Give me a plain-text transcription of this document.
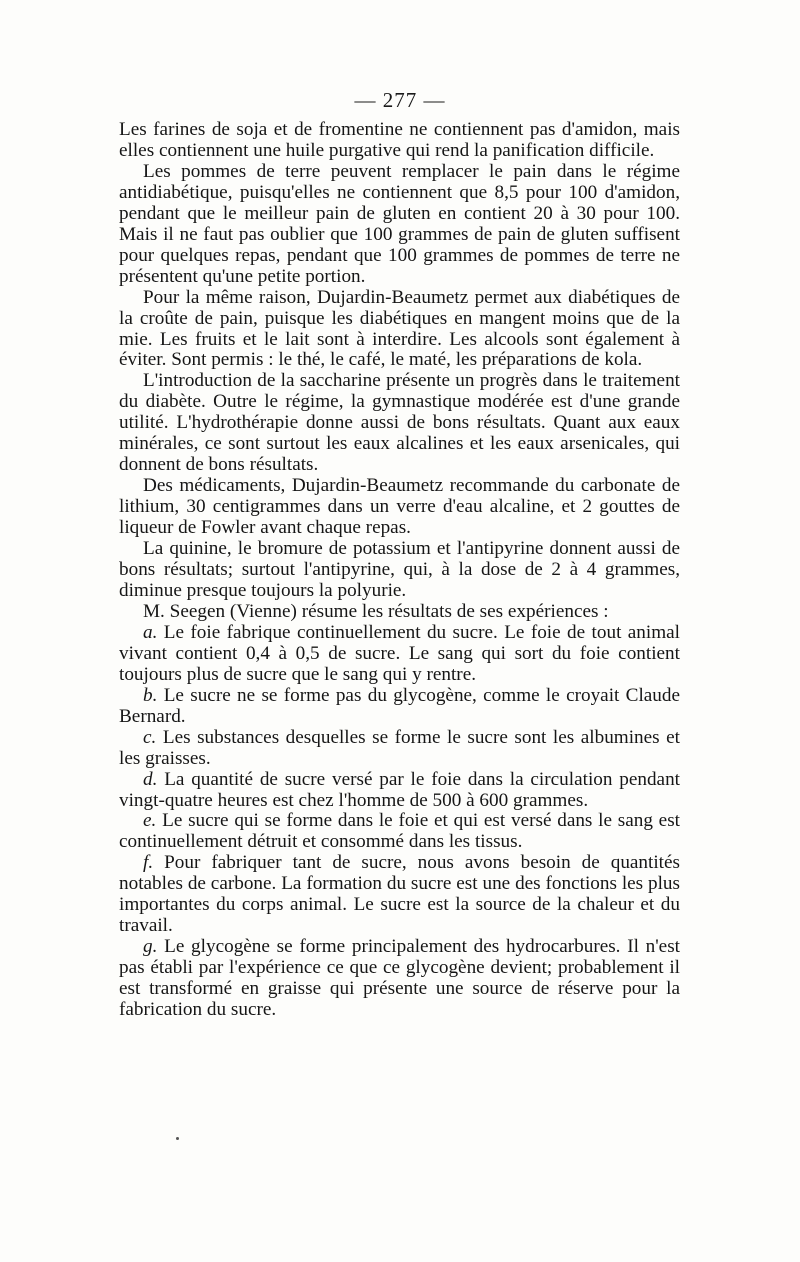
— 277 —

Les farines de soja et de fromentine ne contiennent pas d'amidon, mais elles contiennent une huile purgative qui rend la panification difficile.

Les pommes de terre peuvent remplacer le pain dans le régime antidiabétique, puisqu'elles ne contiennent que 8,5 pour 100 d'amidon, pendant que le meilleur pain de gluten en contient 20 à 30 pour 100. Mais il ne faut pas oublier que 100 grammes de pain de gluten suffisent pour quelques repas, pendant que 100 grammes de pommes de terre ne présentent qu'une petite portion.

Pour la même raison, Dujardin-Beaumetz permet aux diabétiques de la croûte de pain, puisque les diabétiques en mangent moins que de la mie. Les fruits et le lait sont à interdire. Les alcools sont également à éviter. Sont permis : le thé, le café, le maté, les préparations de kola.

L'introduction de la saccharine présente un progrès dans le traitement du diabète. Outre le régime, la gymnastique modérée est d'une grande utilité. L'hydrothérapie donne aussi de bons résultats. Quant aux eaux minérales, ce sont surtout les eaux alcalines et les eaux arsenicales, qui donnent de bons résultats.

Des médicaments, Dujardin-Beaumetz recommande du carbonate de lithium, 30 centigrammes dans un verre d'eau alcaline, et 2 gouttes de liqueur de Fowler avant chaque repas.

La quinine, le bromure de potassium et l'antipyrine donnent aussi de bons résultats; surtout l'antipyrine, qui, à la dose de 2 à 4 grammes, diminue presque toujours la polyurie.

M. Seegen (Vienne) résume les résultats de ses expériences :

a. Le foie fabrique continuellement du sucre. Le foie de tout animal vivant contient 0,4 à 0,5 de sucre. Le sang qui sort du foie contient toujours plus de sucre que le sang qui y rentre.

b. Le sucre ne se forme pas du glycogène, comme le croyait Claude Bernard.

c. Les substances desquelles se forme le sucre sont les albumines et les graisses.

d. La quantité de sucre versé par le foie dans la circulation pendant vingt-quatre heures est chez l'homme de 500 à 600 grammes.

e. Le sucre qui se forme dans le foie et qui est versé dans le sang est continuellement détruit et consommé dans les tissus.

f. Pour fabriquer tant de sucre, nous avons besoin de quantités notables de carbone. La formation du sucre est une des fonctions les plus importantes du corps animal. Le sucre est la source de la chaleur et du travail.

g. Le glycogène se forme principalement des hydrocarbures. Il n'est pas établi par l'expérience ce que ce glycogène devient; probablement il est transformé en graisse qui présente une source de réserve pour la fabrication du sucre.
